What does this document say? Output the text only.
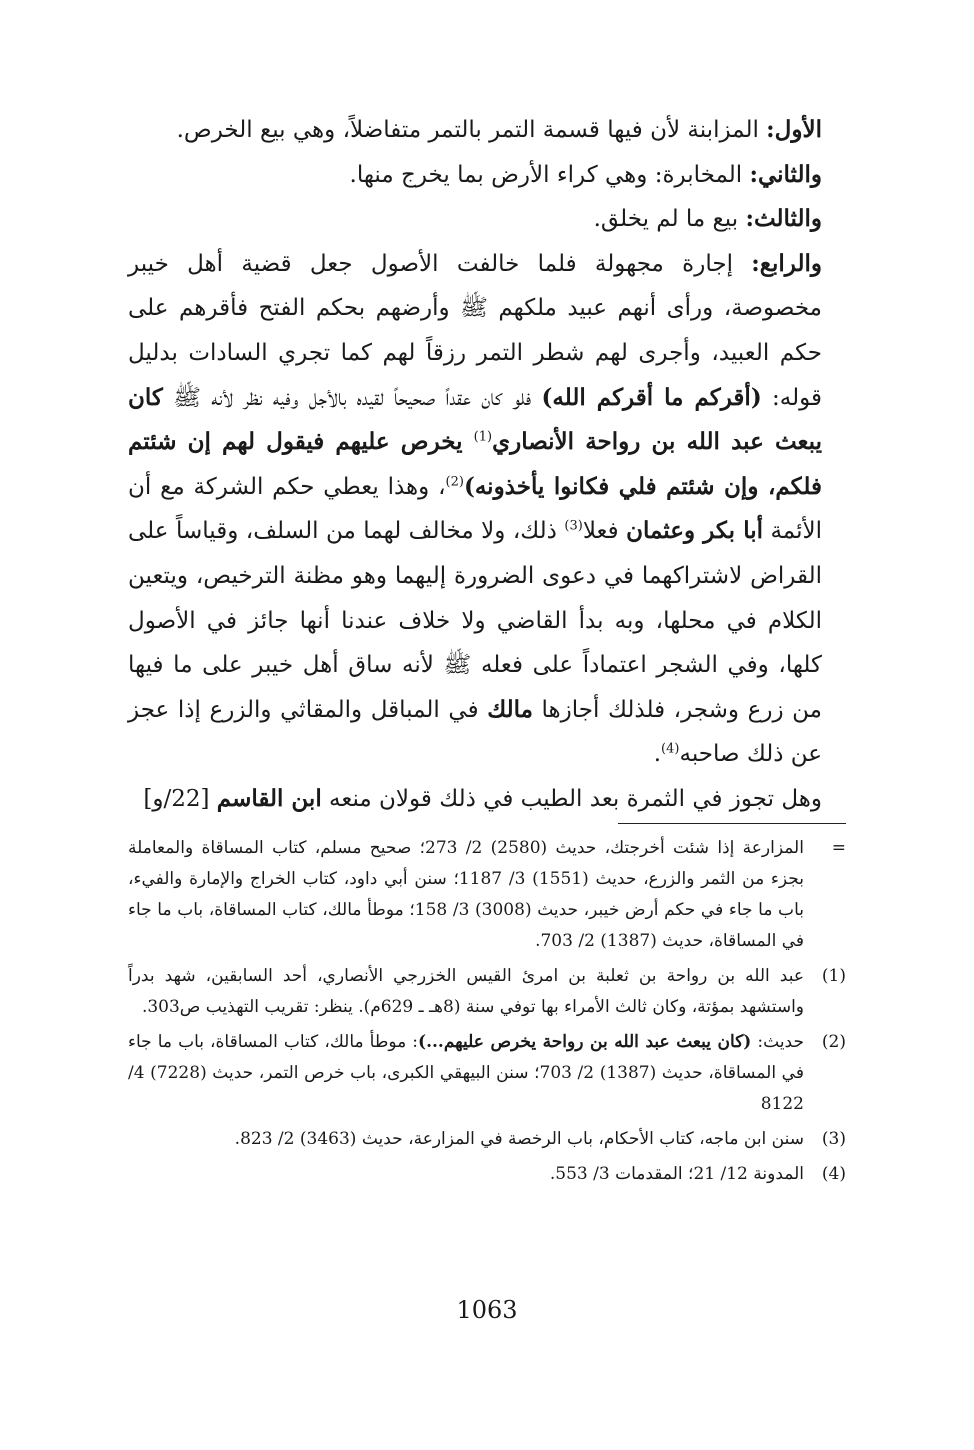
الأول: المزابنة لأن فيها قسمة التمر بالتمر متفاضلاً، وهي بيع الخرص.

والثاني: المخابرة: وهي كراء الأرض بما يخرج منها.

والثالث: بيع ما لم يخلق.

والرابع: إجارة مجهولة فلما خالفت الأصول جعل قضية أهل خيبر مخصوصة، ورأى أنهم عبيد ملكهم ﷺ وأرضهم بحكم الفتح فأقرهم على حكم العبيد، وأجرى لهم شطر التمر رزقاً لهم كما تجري السادات بدليل قوله: (أقركم ما أقركم الله) فلو كان عقداً صحيحاً لقيده بالأجل وفيه نظر لأنه ﷺ كان يبعث عبد الله بن رواحة الأنصاري$^{(1)}$ يخرص عليهم فيقول لهم إن شئتم فلكم، وإن شئتم فلي فكانوا يأخذونه)$^{(2)}$، وهذا يعطي حكم الشركة مع أن الأئمة أبا بكر وعثمان فعلا$^{(3)}$ ذلك، ولا مخالف لهما من السلف، وقياساً على القراض لاشتراكهما في دعوى الضرورة إليهما وهو مظنة الترخيص، ويتعين الكلام في محلها، وبه بدأ القاضي ولا خلاف عندنا أنها جائز في الأصول كلها، وفي الشجر اعتماداً على فعله ﷺ لأنه ساق أهل خيبر على ما فيها من زرع وشجر، فلذلك أجازها مالك في المباقل والمقاثي والزرع إذا عجز عن ذلك صاحبه$^{(4)}$.

وهل تجوز في الثمرة بعد الطيب في ذلك قولان منعه ابن القاسم [22/و]

=
المزارعة إذا شئت أخرجتك، حديث (2580) 2/ 273؛ صحيح مسلم، كتاب المساقاة والمعاملة بجزء من الثمر والزرع، حديث (1551) 3/ 1187؛ سنن أبي داود، كتاب الخراج والإمارة والفيء، باب ما جاء في حكم أرض خيبر، حديث (3008) 3/ 158؛ موطأ مالك، كتاب المساقاة، باب ما جاء في المساقاة، حديث (1387) 2/ 703.
(1)
عبد الله بن رواحة بن ثعلبة بن امرئ القيس الخزرجي الأنصاري، أحد السابقين، شهد بدراً واستشهد بمؤتة، وكان ثالث الأمراء بها توفي سنة (8هـ ـ 629م). ينظر: تقريب التهذيب ص303.
(2)
حديث: (كان يبعث عبد الله بن رواحة يخرص عليهم...): موطأ مالك، كتاب المساقاة، باب ما جاء في المساقاة، حديث (1387) 2/ 703؛ سنن البيهقي الكبرى، باب خرص التمر، حديث (7228) 4/ 8122
(3)
سنن ابن ماجه، كتاب الأحكام، باب الرخصة في المزارعة، حديث (3463) 2/ 823.
(4)
المدونة 12/ 21؛ المقدمات 3/ 553.
1063
